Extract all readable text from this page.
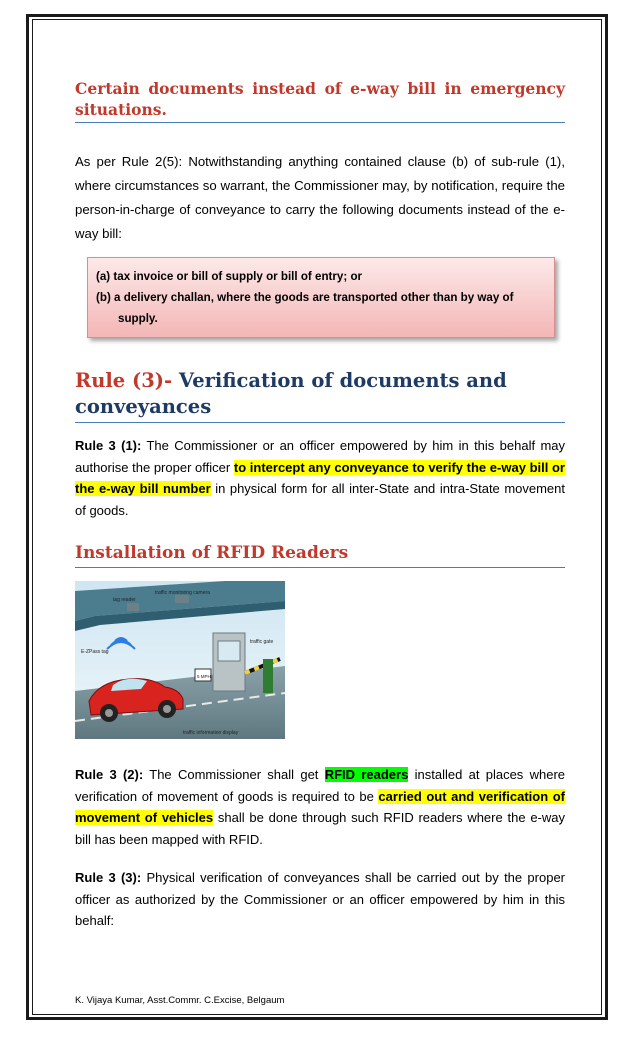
Certain documents instead of e-way bill in emergency situations.
As per Rule 2(5): Notwithstanding anything contained clause (b) of sub-rule (1), where circumstances so warrant, the Commissioner may, by notification, require the person-in-charge of conveyance to carry the following documents instead of the e-way bill:
(a) tax invoice or bill of supply or bill of entry; or
(b) a delivery challan, where the goods are transported other than by way of supply.
Rule (3)- Verification of documents and conveyances
Rule 3 (1): The Commissioner or an officer empowered by him in this behalf may authorise the proper officer to intercept any conveyance to verify the e-way bill or the e-way bill number in physical form for all inter-State and intra-State movement of goods.
Installation of RFID Readers
traffic monitoring camera
tag reader
E-ZPass tag
traffic gate
5 MPH
traffic information display
Rule 3 (2): The Commissioner shall get RFID readers installed at places where verification of movement of goods is required to be carried out and verification of movement of vehicles shall be done through such RFID readers where the e-way bill has been mapped with RFID.
Rule 3 (3): Physical verification of conveyances shall be carried out by the proper officer as authorized by the Commissioner or an officer empowered by him in this behalf:
K. Vijaya Kumar, Asst.Commr. C.Excise, Belgaum
